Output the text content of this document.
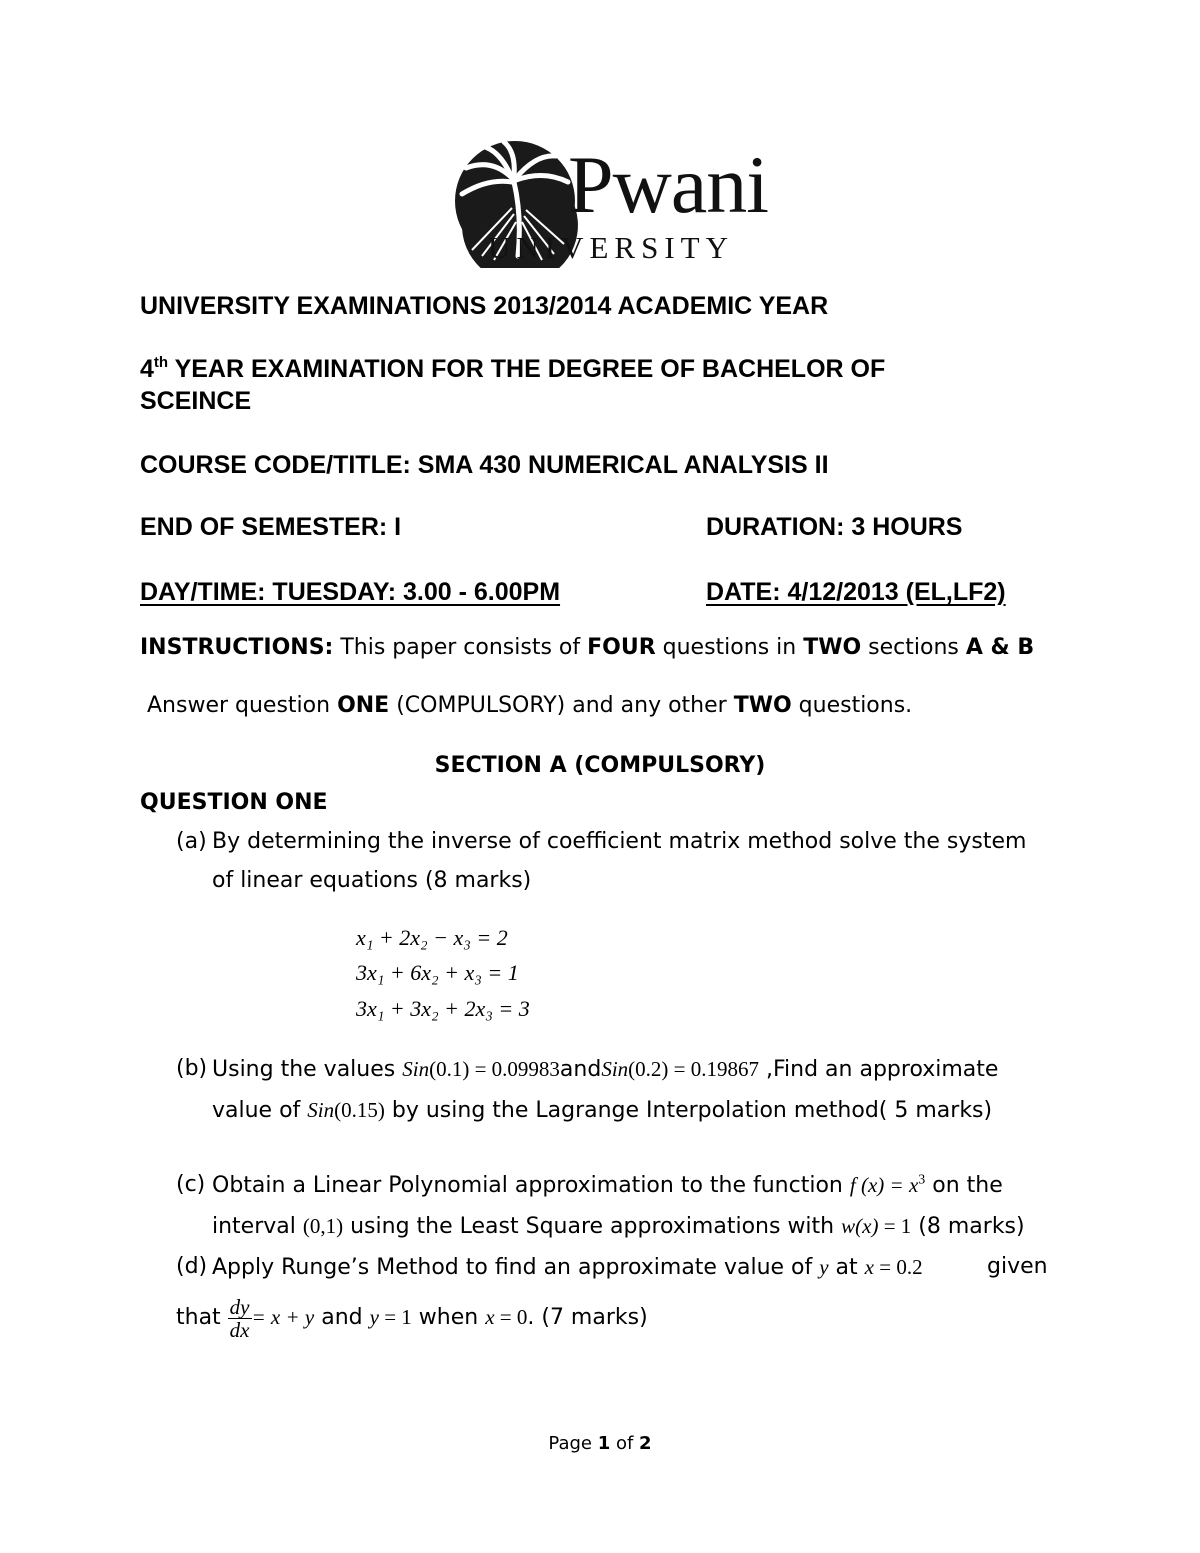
Pwani
UNIVERSITY
UNIVERSITY EXAMINATIONS 2013/2014 ACADEMIC YEAR
4th YEAR EXAMINATION FOR THE DEGREE OF BACHELOR OF
SCEINCE
COURSE CODE/TITLE: SMA 430 NUMERICAL ANALYSIS II
END OF SEMESTER: I	DURATION: 3 HOURS
DAY/TIME: TUESDAY: 3.00 - 6.00PM	DATE: 4/12/2013 (EL,LF2)
INSTRUCTIONS: This paper consists of FOUR questions in TWO sections A & B
Answer question ONE (COMPULSORY) and any other TWO questions.
SECTION A (COMPULSORY)
QUESTION ONE
(a) By determining the inverse of coefficient matrix method solve the system
of linear equations (8 marks)
x₁ + 2x₂ − x₃ = 2
3x₁ + 6x₂ + x₃ = 1
3x₁ + 3x₂ + 2x₃ = 3
(b) Using the values Sin(0.1) = 0.09983andSin(0.2) = 0.19867 ,Find an approximate
value of Sin(0.15) by using the Lagrange Interpolation method( 5 marks)
(c) Obtain a Linear Polynomial approximation to the function f $(x) = x^3$ on the
interval (0,1) using the Least Square approximations with w(x) = 1 (8 marks)
(d) Apply Runge’s Method to find an approximate value of y at x = 0.2	given
that $\frac{dy}{dx} = x + y$ and y = 1 when x = 0. (7 marks)
Page 1 of 2
